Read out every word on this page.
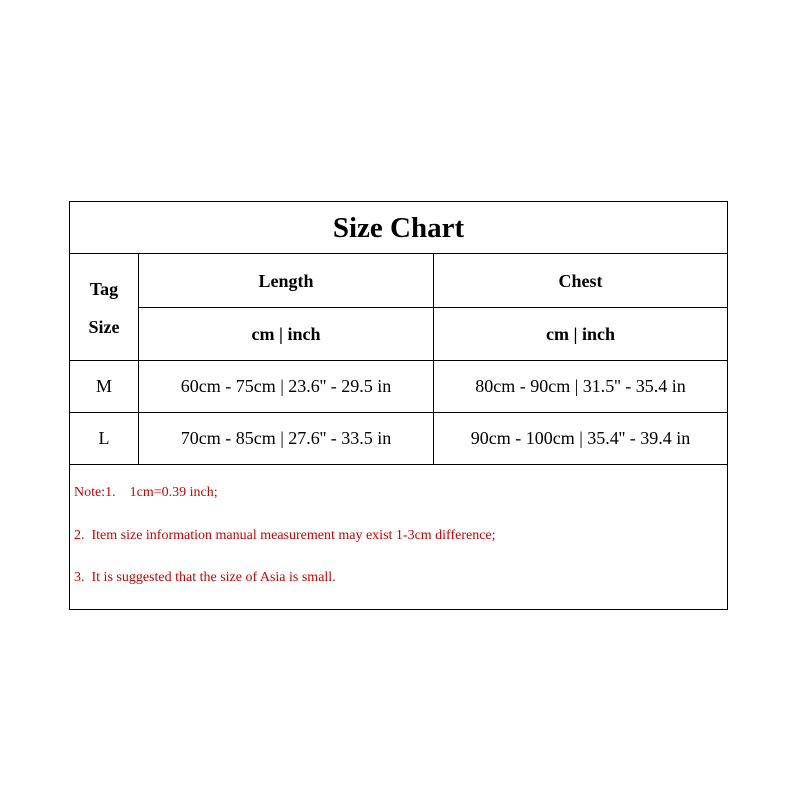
Size Chart
Tag
Size
Length	Chest
cm | inch	cm | inch
M	60cm - 75cm | 23.6'' - 29.5 in	80cm - 90cm | 31.5'' - 35.4 in
L	70cm - 85cm | 27.6'' - 33.5 in	90cm - 100cm | 35.4'' - 39.4 in
Note:1.    1cm=0.39 inch;
2.  Item size information manual measurement may exist 1-3cm difference;
3.  It is suggested that the size of Asia is small.
